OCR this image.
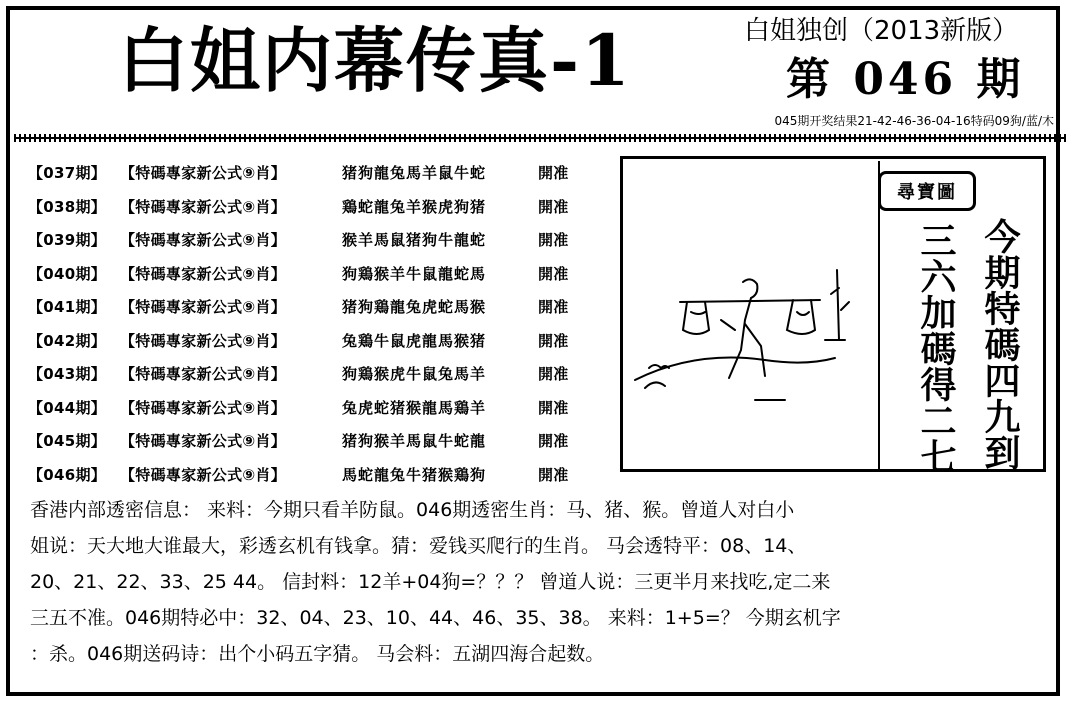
白姐内幕传真-1	白姐独创（2013新版）
第 046 期
045期开奖结果21-42-46-36-04-16特码09狗/蓝/木
【037期】 【特碼專家新公式⑨肖】	猪狗龍兔馬羊鼠牛蛇	開准
【038期】 【特碼專家新公式⑨肖】	鶏蛇龍兔羊猴虎狗猪	開准
【039期】 【特碼專家新公式⑨肖】	猴羊馬鼠猪狗牛龍蛇	開准
【040期】 【特碼專家新公式⑨肖】	狗鶏猴羊牛鼠龍蛇馬	開准
【041期】 【特碼專家新公式⑨肖】	猪狗鶏龍兔虎蛇馬猴	開准
【042期】 【特碼專家新公式⑨肖】	兔鶏牛鼠虎龍馬猴猪	開准
【043期】 【特碼專家新公式⑨肖】	狗鶏猴虎牛鼠兔馬羊	開准
【044期】 【特碼專家新公式⑨肖】	兔虎蛇猪猴龍馬鶏羊	開准
【045期】 【特碼專家新公式⑨肖】	猪狗猴羊馬鼠牛蛇龍	開准
【046期】 【特碼專家新公式⑨肖】	馬蛇龍兔牛猪猴鶏狗	開准
尋寶圖
今期特碼四九到
三六加碼得二七
香港内部透密信息： 来料：今期只看羊防鼠。046期透密生肖：马、猪、猴。曾道人对白小
姐说：天大地大谁最大，彩透玄机有钱拿。猜：爱钱买爬行的生肖。 马会透特平：08、14、
20、21、22、33、25 44。 信封料：12羊+04狗=？？？ 曾道人说：三更半月来找吃,定二来
三五不准。046期特必中：32、04、23、10、44、46、35、38。 来料：1+5=？ 今期玄机字
：杀。046期送码诗：出个小码五字猜。 马会料：五湖四海合起数。
